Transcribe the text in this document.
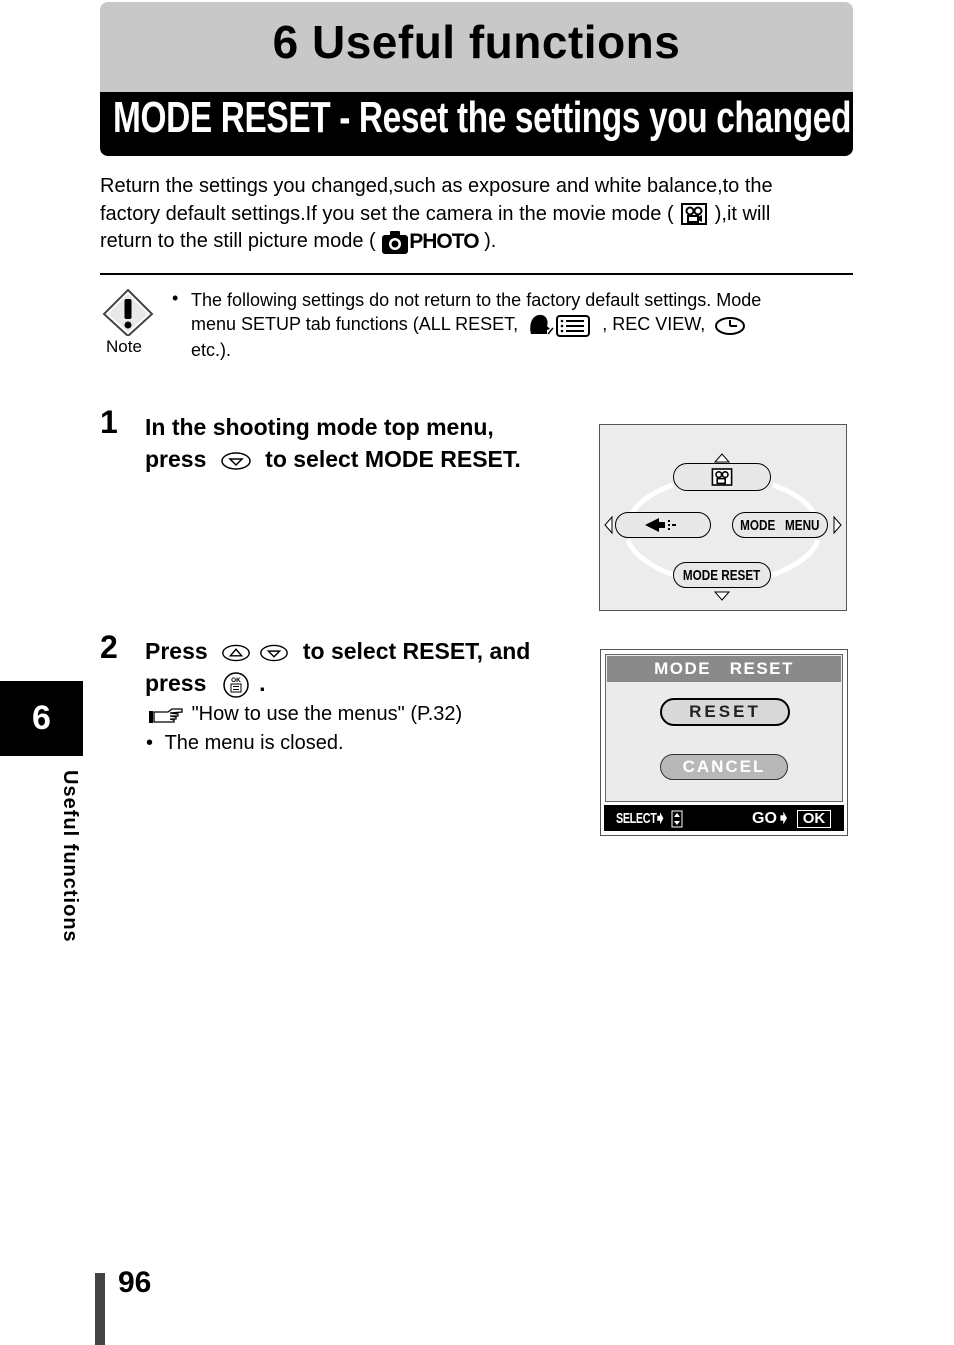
6 Useful functions
MODE RESET - Reset the settings you changed
Return the settings you changed,such as exposure and white balance,to the
factory default settings.If you set the camera in the movie mode ( ),it will
return to the still picture mode ( PHOTO ).
Note
• The following settings do not return to the factory default settings. Mode
menu SETUP tab functions (ALL RESET,	, REC VIEW,
etc.).
1 In the shooting mode top menu,
press	to select MODE RESET.
MODE   MENU
MODE RESET
2 Press	to select RESET, and
press	OK .
"How to use the menus" (P.32)
• The menu is closed.
MODE   RESET
RESET
CANCEL
SELECT➧	GO➧ OK
6
Useful functions
96
